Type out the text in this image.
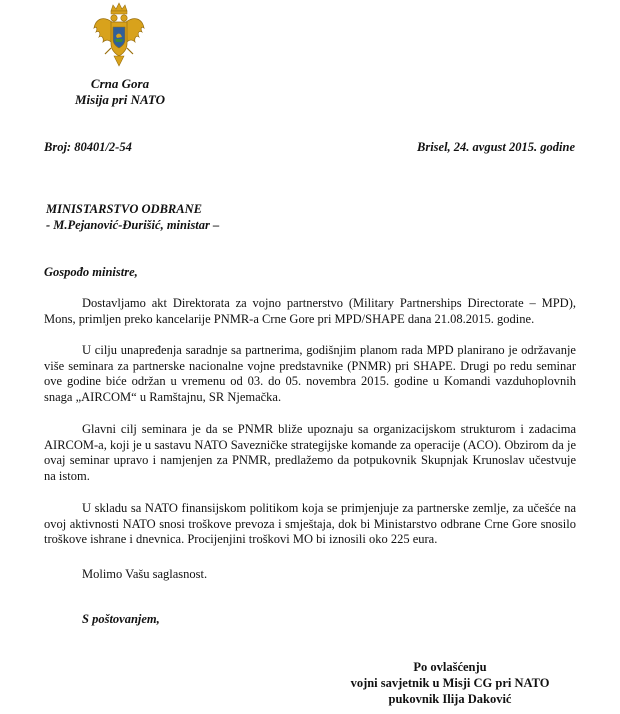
Crna Gora
Misija pri NATO
Broj: 80401/2-54	Brisel, 24. avgust 2015. godine
MINISTARSTVO ODBRANE
- M.Pejanović-Đurišić, ministar –
Gospođo ministre,
Dostavljamo akt Direktorata za vojno partnerstvo (Military Partnerships Directorate – MPD), Mons, primljen preko kancelarije PNMR-a Crne Gore pri MPD/SHAPE dana 21.08.2015. godine.
U cilju unapređenja saradnje sa partnerima, godišnjim planom rada MPD planirano je održavanje više seminara za partnerske nacionalne vojne predstavnike (PNMR) pri SHAPE. Drugi po redu seminar ove godine biće održan u vremenu od 03. do 05. novembra 2015. godine u Komandi vazduhoplovnih snaga „AIRCOM“ u Ramštajnu, SR Njemačka.
Glavni cilj seminara je da se PNMR bliže upoznaju sa organizacijskom strukturom i zadacima AIRCOM-a, koji je u sastavu NATO Savezničke strategijske komande za operacije (ACO). Obzirom da je ovaj seminar upravo i namjenjen za PNMR, predlažemo da potpukovnik Skupnjak Krunoslav učestvuje na istom.
U skladu sa NATO finansijskom politikom koja se primjenjuje za partnerske zemlje, za učešće na ovoj aktivnosti NATO snosi troškove prevoza i smještaja, dok bi Ministarstvo odbrane Crne Gore snosilo troškove ishrane i dnevnica. Procijenjini troškovi MO bi iznosili oko 225 eura.
Molimo Vašu saglasnost.
S poštovanjem,
Po ovlašćenju
vojni savjetnik u Misji CG pri NATO
pukovnik Ilija Daković
